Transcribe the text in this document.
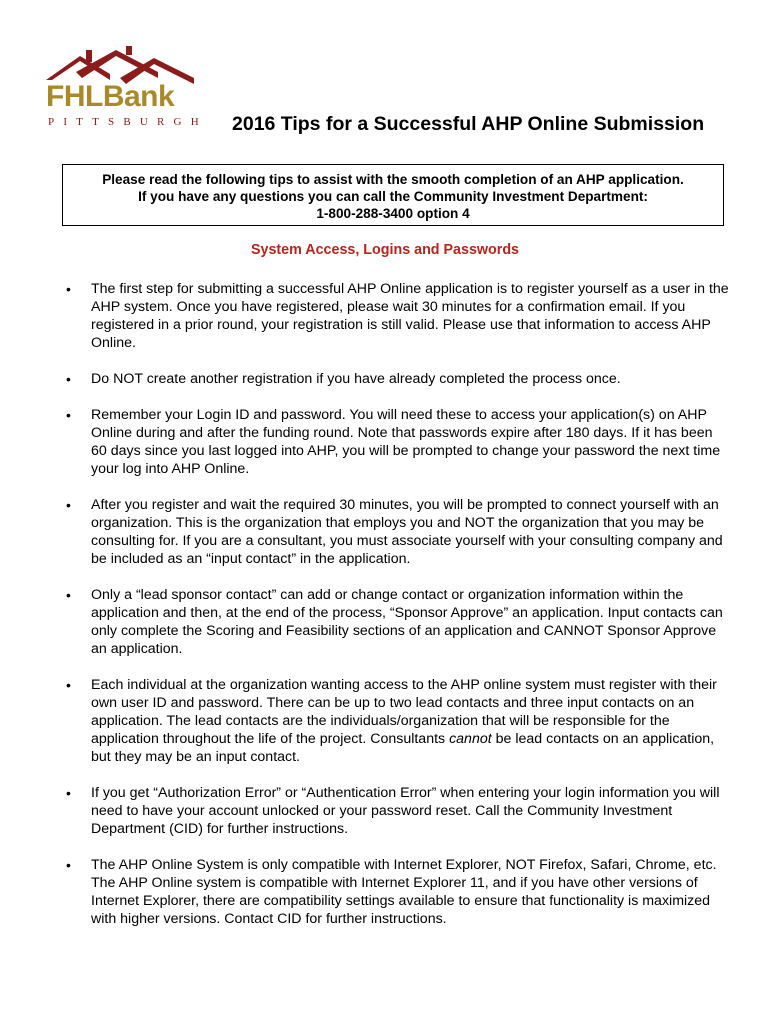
FHLBank
PITTSBURGH 2016 Tips for a Successful AHP Online Submission
Please read the following tips to assist with the smooth completion of an AHP application.
If you have any questions you can call the Community Investment Department:
1-800-288-3400 option 4
System Access, Logins and Passwords
• The first step for submitting a successful AHP Online application is to register yourself as a user in the AHP system. Once you have registered, please wait 30 minutes for a confirmation email. If you registered in a prior round, your registration is still valid. Please use that information to access AHP Online.
• Do NOT create another registration if you have already completed the process once.
• Remember your Login ID and password. You will need these to access your application(s) on AHP Online during and after the funding round. Note that passwords expire after 180 days. If it has been 60 days since you last logged into AHP, you will be prompted to change your password the next time your log into AHP Online.
• After you register and wait the required 30 minutes, you will be prompted to connect yourself with an organization. This is the organization that employs you and NOT the organization that you may be consulting for. If you are a consultant, you must associate yourself with your consulting company and be included as an “input contact” in the application.
• Only a “lead sponsor contact” can add or change contact or organization information within the application and then, at the end of the process, “Sponsor Approve” an application. Input contacts can only complete the Scoring and Feasibility sections of an application and CANNOT Sponsor Approve an application.
• Each individual at the organization wanting access to the AHP online system must register with their own user ID and password. There can be up to two lead contacts and three input contacts on an application. The lead contacts are the individuals/organization that will be responsible for the application throughout the life of the project. Consultants cannot be lead contacts on an application, but they may be an input contact.
• If you get “Authorization Error” or “Authentication Error” when entering your login information you will need to have your account unlocked or your password reset. Call the Community Investment Department (CID) for further instructions.
• The AHP Online System is only compatible with Internet Explorer, NOT Firefox, Safari, Chrome, etc. The AHP Online system is compatible with Internet Explorer 11, and if you have other versions of Internet Explorer, there are compatibility settings available to ensure that functionality is maximized with higher versions. Contact CID for further instructions.
